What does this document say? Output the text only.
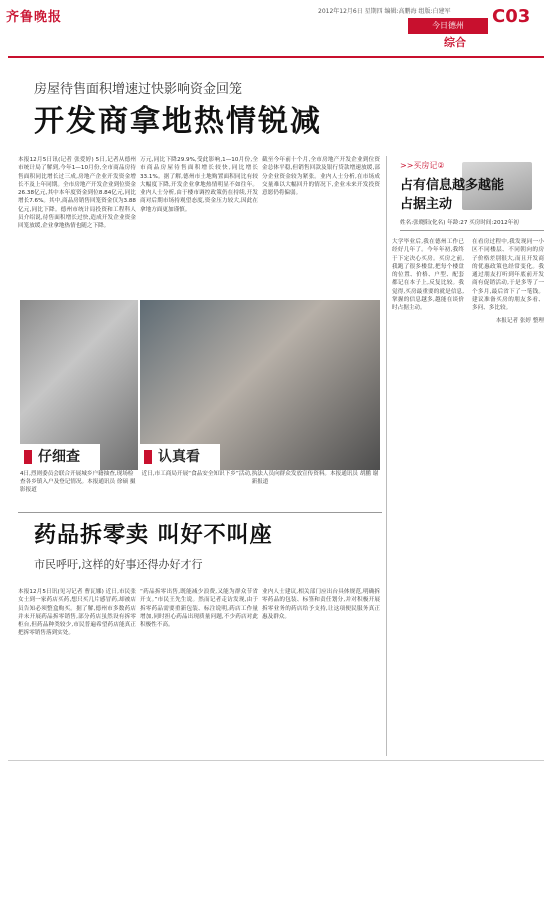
齐鲁晚报	2012年12月6日 星期四 编辑:高鹏海 组版:白建军	C03
今日德州
综合
房屋待售面积增速过快影响资金回笼
开发商拿地热情锐减
本报12月5日讯(记者 张爱婷) 5日,记者从德州市统计局了解到,今年1—10月份,全市商品房待售面积同比增长过三成,房地产企业开发资金增长不及上年同期。全市房地产开发企业到位资金26.38亿元,其中本年度资金到位8.84亿元,同比增长7.6%。其中,商品房销售回笼资金仅为3.88亿元,同比下降。德州市统计局投资和工程科人员介绍说,待售面积增长过快,造成开发企业资金回笼放缓,企业拿地热情也随之下降。
万元,同比下降29.9%,受此影响,1—10月份,全市商品房屋待售面积增长较快,同比增长33.1%。据了解,德州市土地购置面积同比有较大幅度下降,开发企业拿地热情明显不如往年。业内人士分析,由于楼市调控政策仍在持续,开发商对后期市场持观望态度,资金压力较大,因此在拿地方面更加谨慎。
截至今年前十个月,全市房地产开发企业到位资金总体平稳,但销售回款及银行贷款增速放缓,部分企业资金较为紧张。业内人士分析,在市场成交量难以大幅回升的情况下,企业未来开发投资意愿仍将偏弱。
仔细查	认真看
4日,烈则委员会联合开展城乡户籍抽查,现场检查各乡镇入户及登记情况。本报通讯员 徐硕 摄影报道
近日,市工商局开展“食品安全知识下乡”活动,执法人员向群众发放宣传资料。本报通讯员 胡鹏 谢新报道
药品拆零卖 叫好不叫座
市民呼吁,这样的好事还得办好才行
本报12月5日讯(见习记者 曹瓦娜) 近日,市民张女士到一家药店买药,想只买几片感冒药,却被店员告知必须整盒购买。据了解,德州市多数药店并未开展药品拆零销售,部分药店虽然设有拆零柜台,但药品种类较少,市民普遍希望药店能真正把拆零销售落到实处。
“药品拆零出售,既能减少浪费,又能为群众节省开支。”市民王先生说。然而记者走访发现,由于拆零药品需要重新包装、标注说明,药店工作量增加,同时担心药品出现质量问题,不少药店对此积极性不高。
业内人士建议,相关部门应出台具体规范,明确拆零药品的包装、标签和责任划分,并对积极开展拆零业务的药店给予支持,让这项便民服务真正惠及群众。
>>买房记②
占有信息越多越能占据主动
姓名:张晓阳(化名) 年龄:27 买房时间:2012年初
大学毕业后,我在德州工作已经好几年了。今年年初,我终于下定决心买房。买房之前,我跑了很多楼盘,把每个楼盘的位置、价格、户型、配套都记在本子上,反复比较。我觉得,买房最重要的就是信息,掌握的信息越多,越能在谈价时占据主动。
在看房过程中,我发现同一小区不同楼层、不同朝向的房子价格差别很大,而且开发商的优惠政策也经常变化。我通过朋友打听到年底前开发商有促销活动,于是多等了一个多月,最后省下了一笔钱。建议准备买房的朋友多看、多问、多比较。
本报记者 张婷 整理
